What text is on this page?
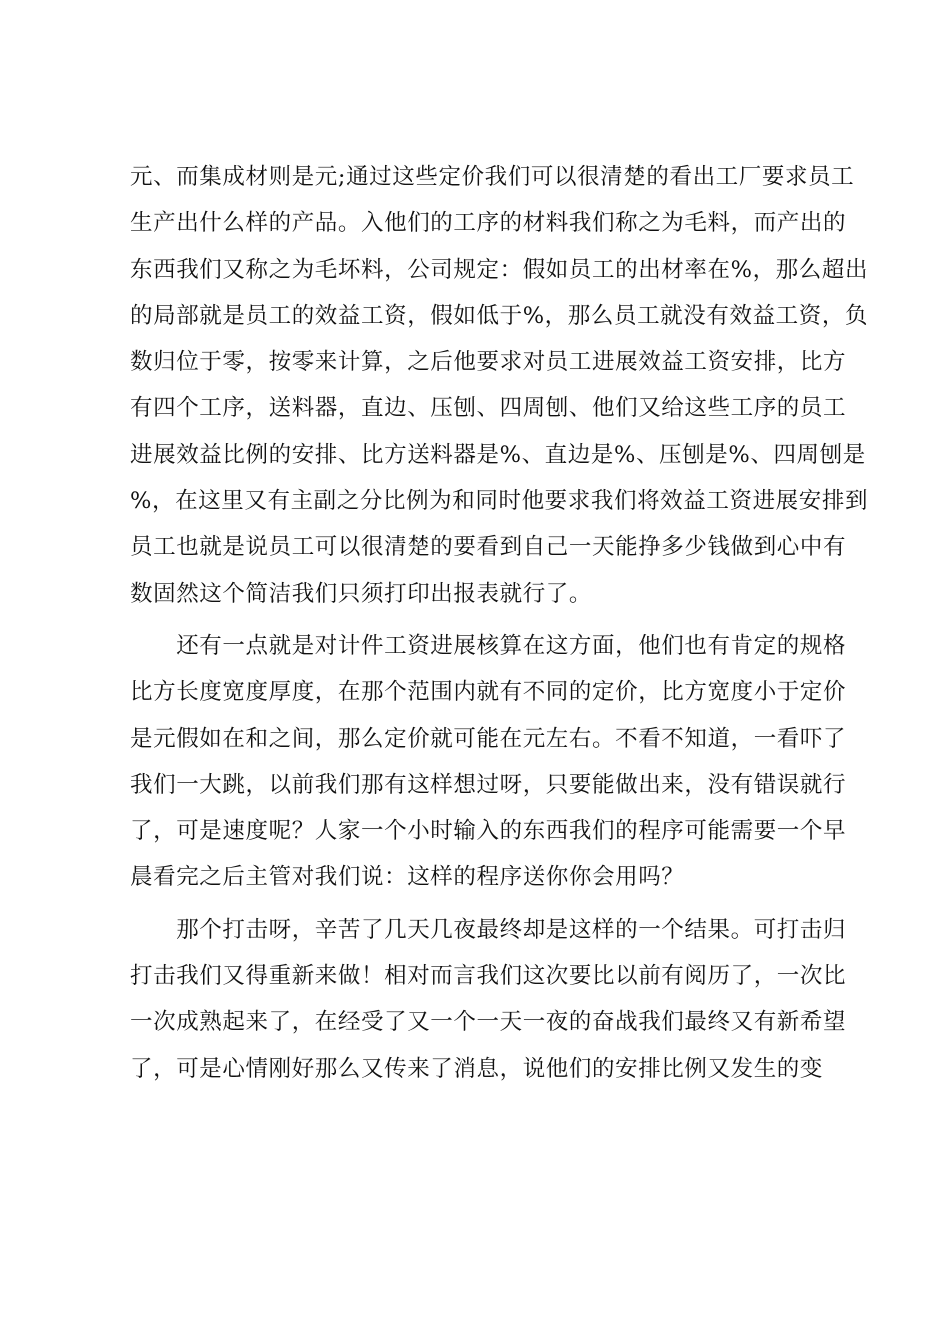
元、而集成材则是元;通过这些定价我们可以很清楚的看出工厂要求员工
生产出什么样的产品。入他们的工序的材料我们称之为毛料，而产出的
东西我们又称之为毛坏料，公司规定：假如员工的出材率在%，那么超出
的局部就是员工的效益工资，假如低于%，那么员工就没有效益工资，负
数归位于零，按零来计算，之后他要求对员工进展效益工资安排，比方
有四个工序，送料器，直边、压刨、四周刨、他们又给这些工序的员工
进展效益比例的安排、比方送料器是%、直边是%、压刨是%、四周刨是
%，在这里又有主副之分比例为和同时他要求我们将效益工资进展安排到
员工也就是说员工可以很清楚的要看到自己一天能挣多少钱做到心中有
数固然这个简洁我们只须打印出报表就行了。
　　还有一点就是对计件工资进展核算在这方面，他们也有肯定的规格
比方长度宽度厚度，在那个范围内就有不同的定价，比方宽度小于定价
是元假如在和之间，那么定价就可能在元左右。不看不知道，一看吓了
我们一大跳，以前我们那有这样想过呀，只要能做出来，没有错误就行
了，可是速度呢？人家一个小时输入的东西我们的程序可能需要一个早
晨看完之后主管对我们说：这样的程序送你你会用吗？
　　那个打击呀，辛苦了几天几夜最终却是这样的一个结果。可打击归
打击我们又得重新来做！相对而言我们这次要比以前有阅历了，一次比
一次成熟起来了，在经受了又一个一天一夜的奋战我们最终又有新希望
了，可是心情刚好那么又传来了消息，说他们的安排比例又发生的变
